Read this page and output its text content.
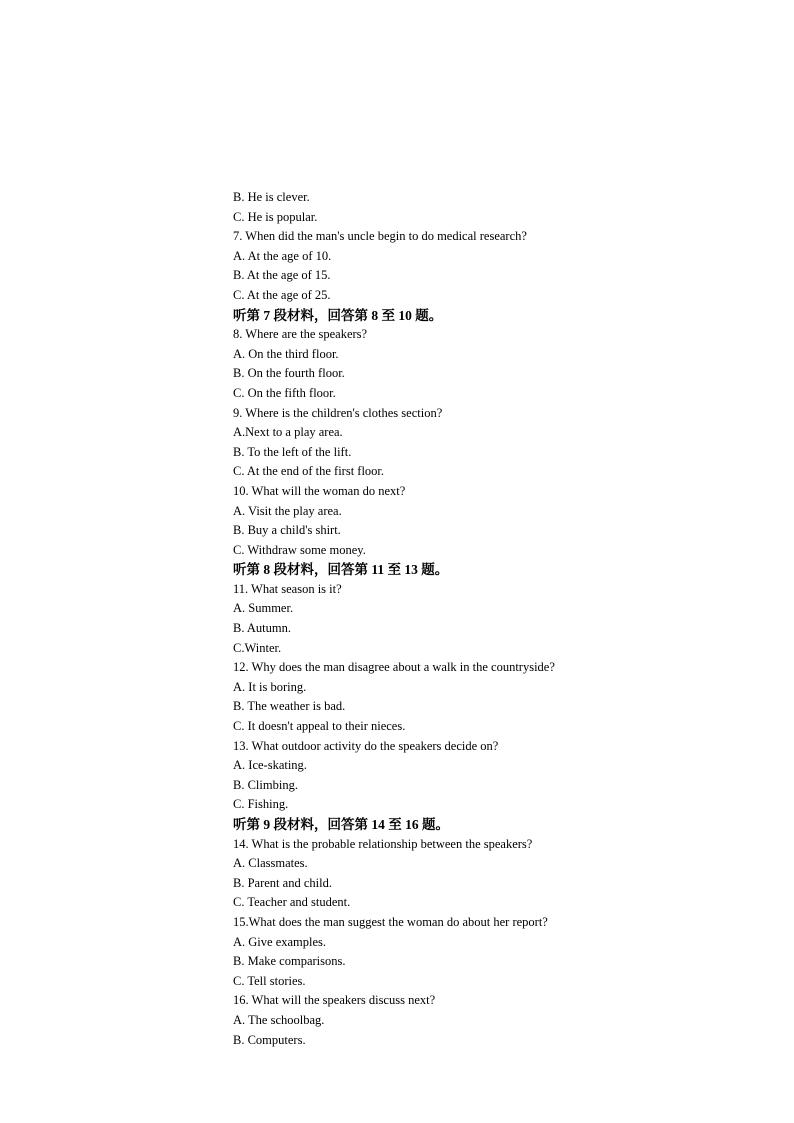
B. He is clever.
C. He is popular.
7. When did the man's uncle begin to do medical research?
A. At the age of 10.
B. At the age of 15.
C. At the age of 25.
听第 7 段材料，回答第 8 至 10 题。
8. Where are the speakers?
A. On the third floor.
B. On the fourth floor.
C. On the fifth floor.
9. Where is the children's clothes section?
A.Next to a play area.
B. To the left of the lift.
C. At the end of the first floor.
10. What will the woman do next?
A. Visit the play area.
B. Buy a child's shirt.
C. Withdraw some money.
听第 8 段材料，回答第 11 至 13 题。
11. What season is it?
A. Summer.
B. Autumn.
C.Winter.
12. Why does the man disagree about a walk in the countryside?
A. It is boring.
B. The weather is bad.
C. It doesn't appeal to their nieces.
13. What outdoor activity do the speakers decide on?
A. Ice-skating.
B. Climbing.
C. Fishing.
听第 9 段材料，回答第 14 至 16 题。
14. What is the probable relationship between the speakers?
A. Classmates.
B. Parent and child.
C. Teacher and student.
15.What does the man suggest the woman do about her report?
A. Give examples.
B. Make comparisons.
C. Tell stories.
16. What will the speakers discuss next?
A. The schoolbag.
B. Computers.
